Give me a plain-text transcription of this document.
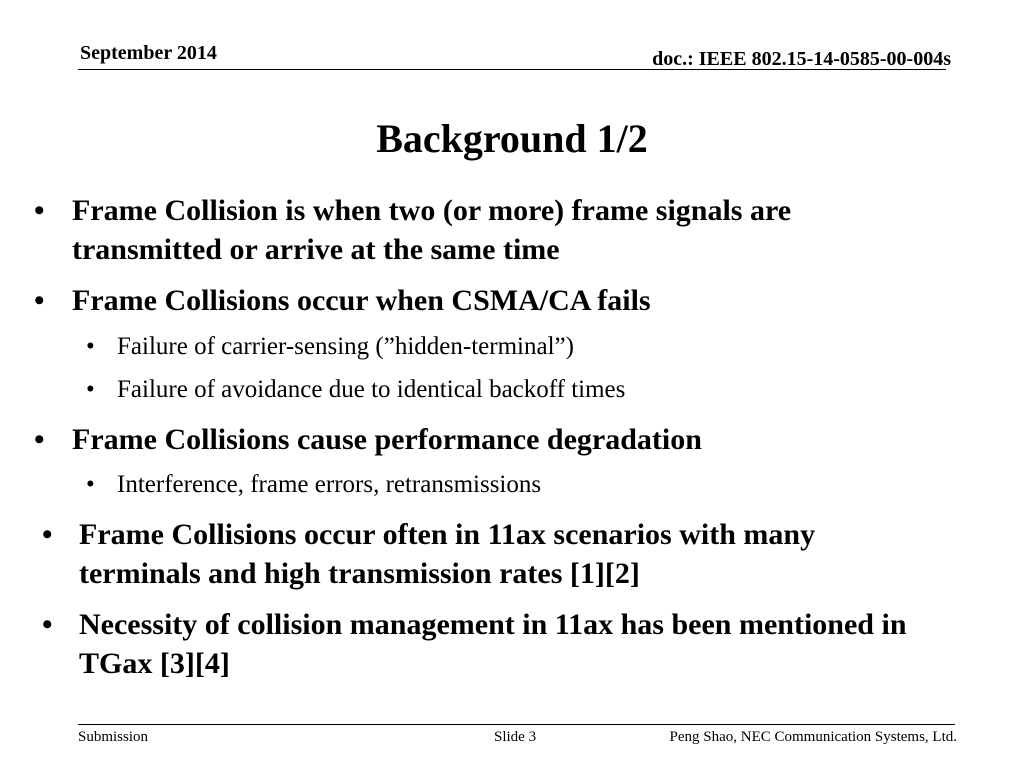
September 2014	doc.: IEEE 802.15-14-0585-00-004s
Background 1/2
• Frame Collision is when two (or more) frame signals are transmitted or arrive at the same time
• Frame Collisions occur when CSMA/CA fails
• Failure of carrier-sensing (”hidden-terminal”)
• Failure of avoidance due to identical backoff times
• Frame Collisions cause performance degradation
• Interference, frame errors, retransmissions
• Frame Collisions occur often in 11ax scenarios with many terminals and high transmission rates [1][2]
• Necessity of collision management in 11ax has been mentioned in TGax [3][4]
Submission	Slide 3	Peng Shao, NEC Communication Systems, Ltd.
